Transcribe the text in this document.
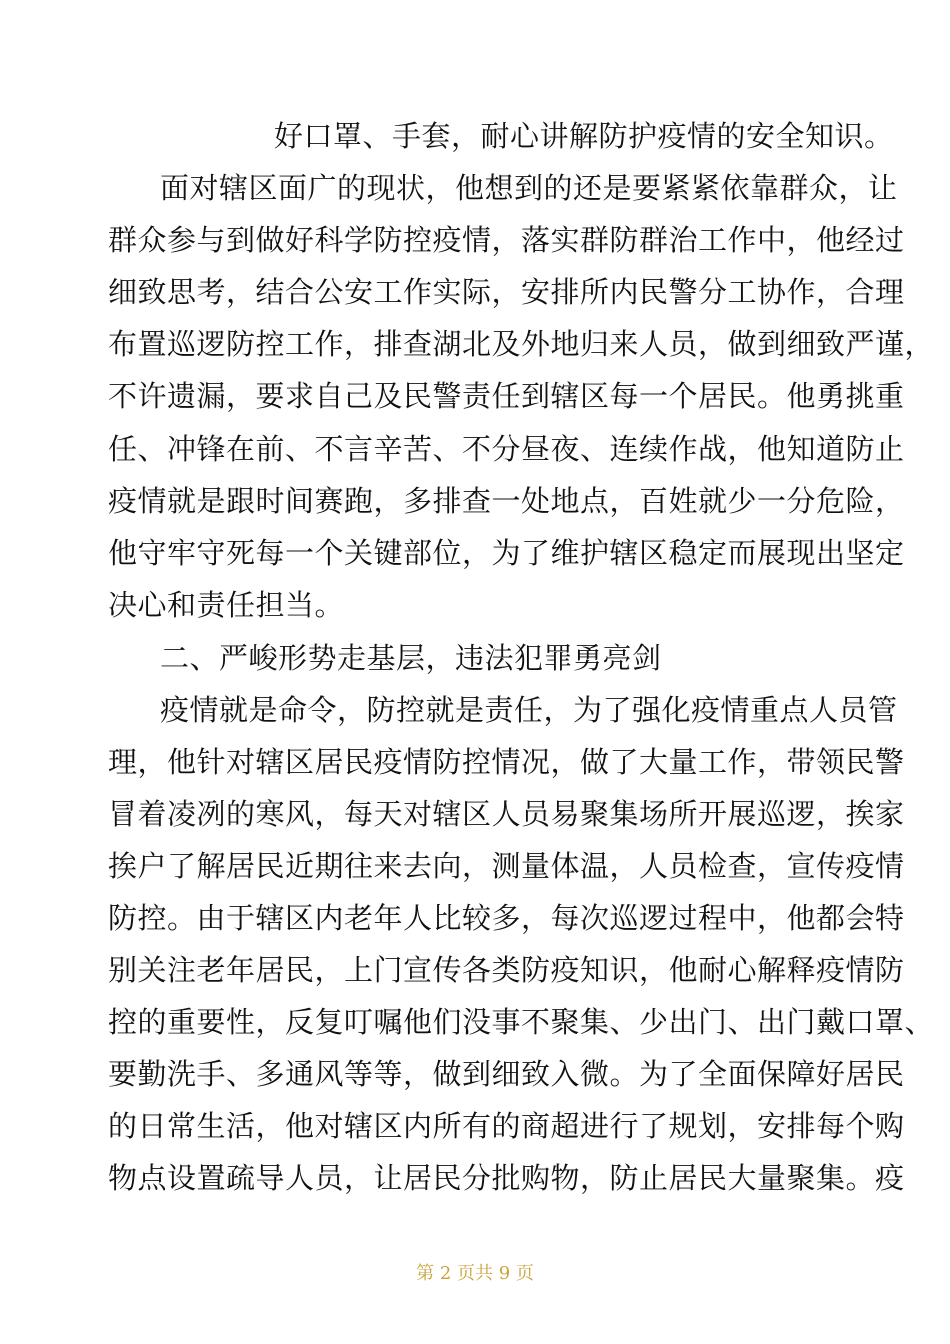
好口罩、手套，耐心讲解防护疫情的安全知识。
面对辖区面广的现状，他想到的还是要紧紧依靠群众，让
群众参与到做好科学防控疫情，落实群防群治工作中，他经过
细致思考，结合公安工作实际，安排所内民警分工协作，合理
布置巡逻防控工作，排查湖北及外地归来人员，做到细致严谨，
不许遗漏，要求自己及民警责任到辖区每一个居民。他勇挑重
任、冲锋在前、不言辛苦、不分昼夜、连续作战，他知道防止
疫情就是跟时间赛跑，多排查一处地点，百姓就少一分危险，
他守牢守死每一个关键部位，为了维护辖区稳定而展现出坚定
决心和责任担当。
二、严峻形势走基层，违法犯罪勇亮剑
疫情就是命令，防控就是责任，为了强化疫情重点人员管
理，他针对辖区居民疫情防控情况，做了大量工作，带领民警
冒着凌冽的寒风，每天对辖区人员易聚集场所开展巡逻，挨家
挨户了解居民近期往来去向，测量体温，人员检查，宣传疫情
防控。由于辖区内老年人比较多，每次巡逻过程中，他都会特
别关注老年居民，上门宣传各类防疫知识，他耐心解释疫情防
控的重要性，反复叮嘱他们没事不聚集、少出门、出门戴口罩、
要勤洗手、多通风等等，做到细致入微。为了全面保障好居民
的日常生活，他对辖区内所有的商超进行了规划，安排每个购
物点设置疏导人员，让居民分批购物，防止居民大量聚集。疫
第 2 页共 9 页
